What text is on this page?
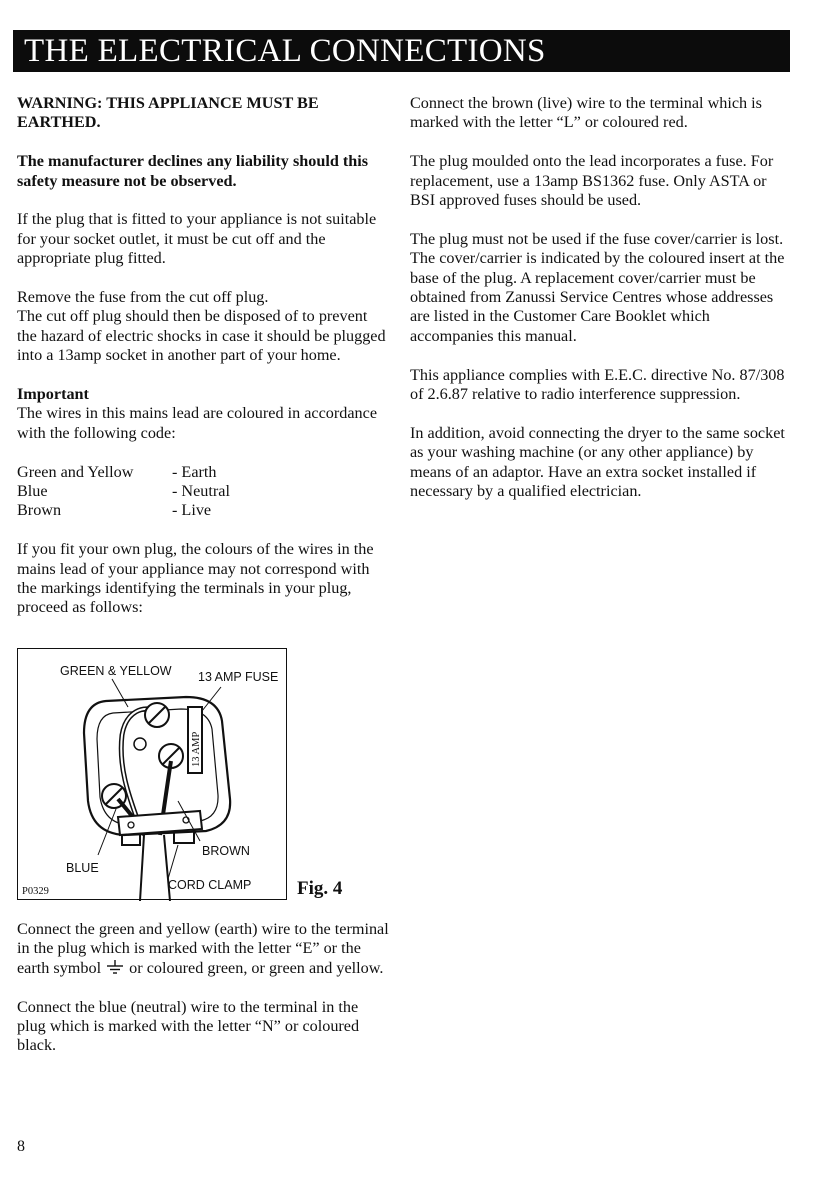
THE ELECTRICAL CONNECTIONS

WARNING: THIS APPLIANCE MUST BE EARTHED.

The manufacturer declines any liability should this safety measure not be observed.

If the plug that is fitted to your appliance is not suitable for your socket outlet, it must be cut off and the appropriate plug fitted.

Remove the fuse from the cut off plug.
The cut off plug should then be disposed of to prevent the hazard of electric shocks in case it should be plugged into a 13amp socket in another part of your home.

Important
The wires in this mains lead are coloured in accordance with the following code:

Green and Yellow	- Earth
Blue	- Neutral
Brown	- Live

If you fit your own plug, the colours of the wires in the mains lead of your appliance may not correspond with the markings identifying the terminals in your plug, proceed as follows:

13 AMP
GREEN & YELLOW 13 AMP FUSE
BROWN
BLUE
CORD CLAMP
P0329	Fig. 4

Connect the green and yellow (earth) wire to the terminal in the plug which is marked with the letter “E” or the earth symbol or coloured green, or green and yellow.

Connect the blue (neutral) wire to the terminal in the plug which is marked with the letter “N” or coloured black.

Connect the brown (live) wire to the terminal which is marked with the letter “L” or coloured red.

The plug moulded onto the lead incorporates a fuse. For replacement, use a 13amp BS1362 fuse. Only ASTA or BSI approved fuses should be used.

The plug must not be used if the fuse cover/carrier is lost. The cover/carrier is indicated by the coloured insert at the base of the plug. A replacement cover/carrier must be obtained from Zanussi Service Centres whose addresses are listed in the Customer Care Booklet which accompanies this manual.

This appliance complies with E.E.C. directive No. 87/308 of 2.6.87 relative to radio interference suppression.

In addition, avoid connecting the dryer to the same socket as your washing machine (or any other appliance) by means of an adaptor. Have an extra socket installed if necessary by a qualified electrician.

8
